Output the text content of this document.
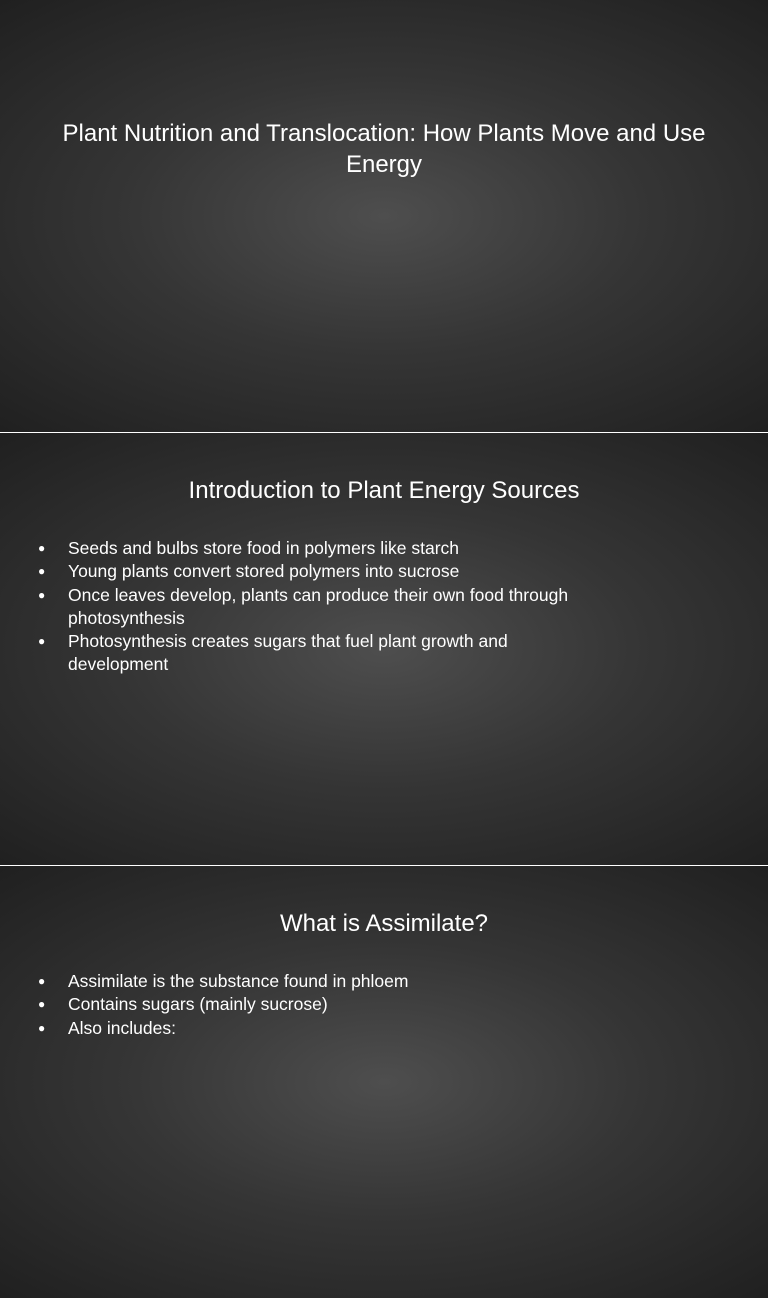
Plant Nutrition and Translocation: How Plants Move and Use Energy
Introduction to Plant Energy Sources
● Seeds and bulbs store food in polymers like starch
● Young plants convert stored polymers into sucrose
● Once leaves develop, plants can produce their own food through photosynthesis
● Photosynthesis creates sugars that fuel plant growth and development
What is Assimilate?
● Assimilate is the substance found in phloem
● Contains sugars (mainly sucrose)
● Also includes:
